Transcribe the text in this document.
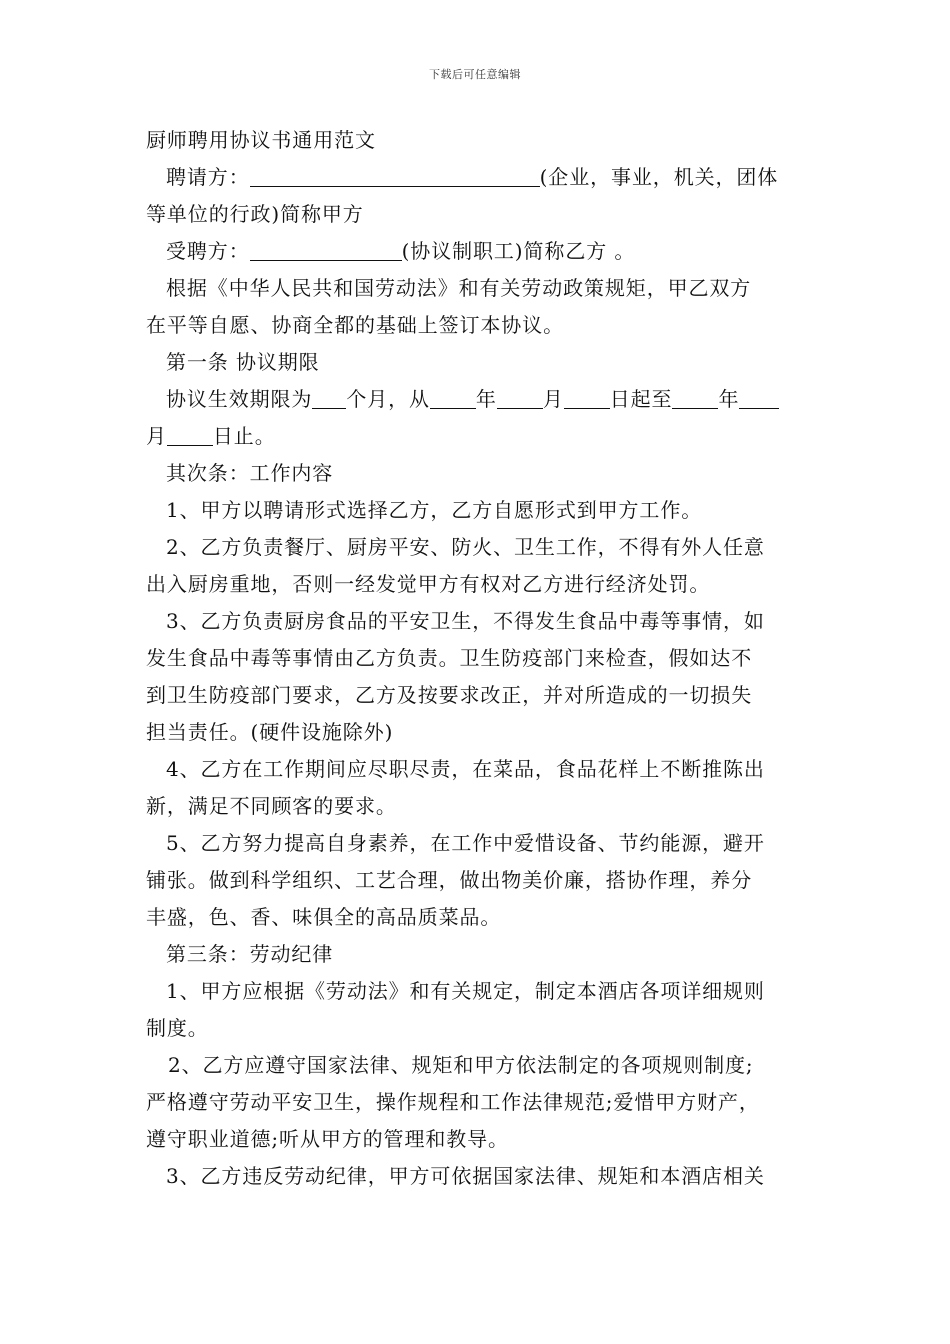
下载后可任意编辑
厨师聘用协议书通用范文
聘请方：	(企业，事业，机关，团体
等单位的行政)简称甲方
受聘方：	(协议制职工)简称乙方 。
根据《中华人民共和国劳动法》和有关劳动政策规矩，甲乙双方
在平等自愿、协商全都的基础上签订本协议。
第一条 协议期限
协议生效期限为 个月，从 年 月 日起至 年
月 日止。
其次条：工作内容
1、甲方以聘请形式选择乙方，乙方自愿形式到甲方工作。
2、乙方负责餐厅、厨房平安、防火、卫生工作，不得有外人任意
出入厨房重地，否则一经发觉甲方有权对乙方进行经济处罚。
3、乙方负责厨房食品的平安卫生，不得发生食品中毒等事情，如
发生食品中毒等事情由乙方负责。卫生防疫部门来检查，假如达不
到卫生防疫部门要求，乙方及按要求改正，并对所造成的一切损失
担当责任。(硬件设施除外)
4、乙方在工作期间应尽职尽责，在菜品，食品花样上不断推陈出
新，满足不同顾客的要求。
5、乙方努力提高自身素养，在工作中爱惜设备、节约能源，避开
铺张。做到科学组织、工艺合理，做出物美价廉，搭协作理，养分
丰盛，色、香、味俱全的高品质菜品。
第三条：劳动纪律
1、甲方应根据《劳动法》和有关规定，制定本酒店各项详细规则
制度。
2、乙方应遵守国家法律、规矩和甲方依法制定的各项规则制度;
严格遵守劳动平安卫生，操作规程和工作法律规范;爱惜甲方财产，
遵守职业道德;听从甲方的管理和教导。
3、乙方违反劳动纪律，甲方可依据国家法律、规矩和本酒店相关
